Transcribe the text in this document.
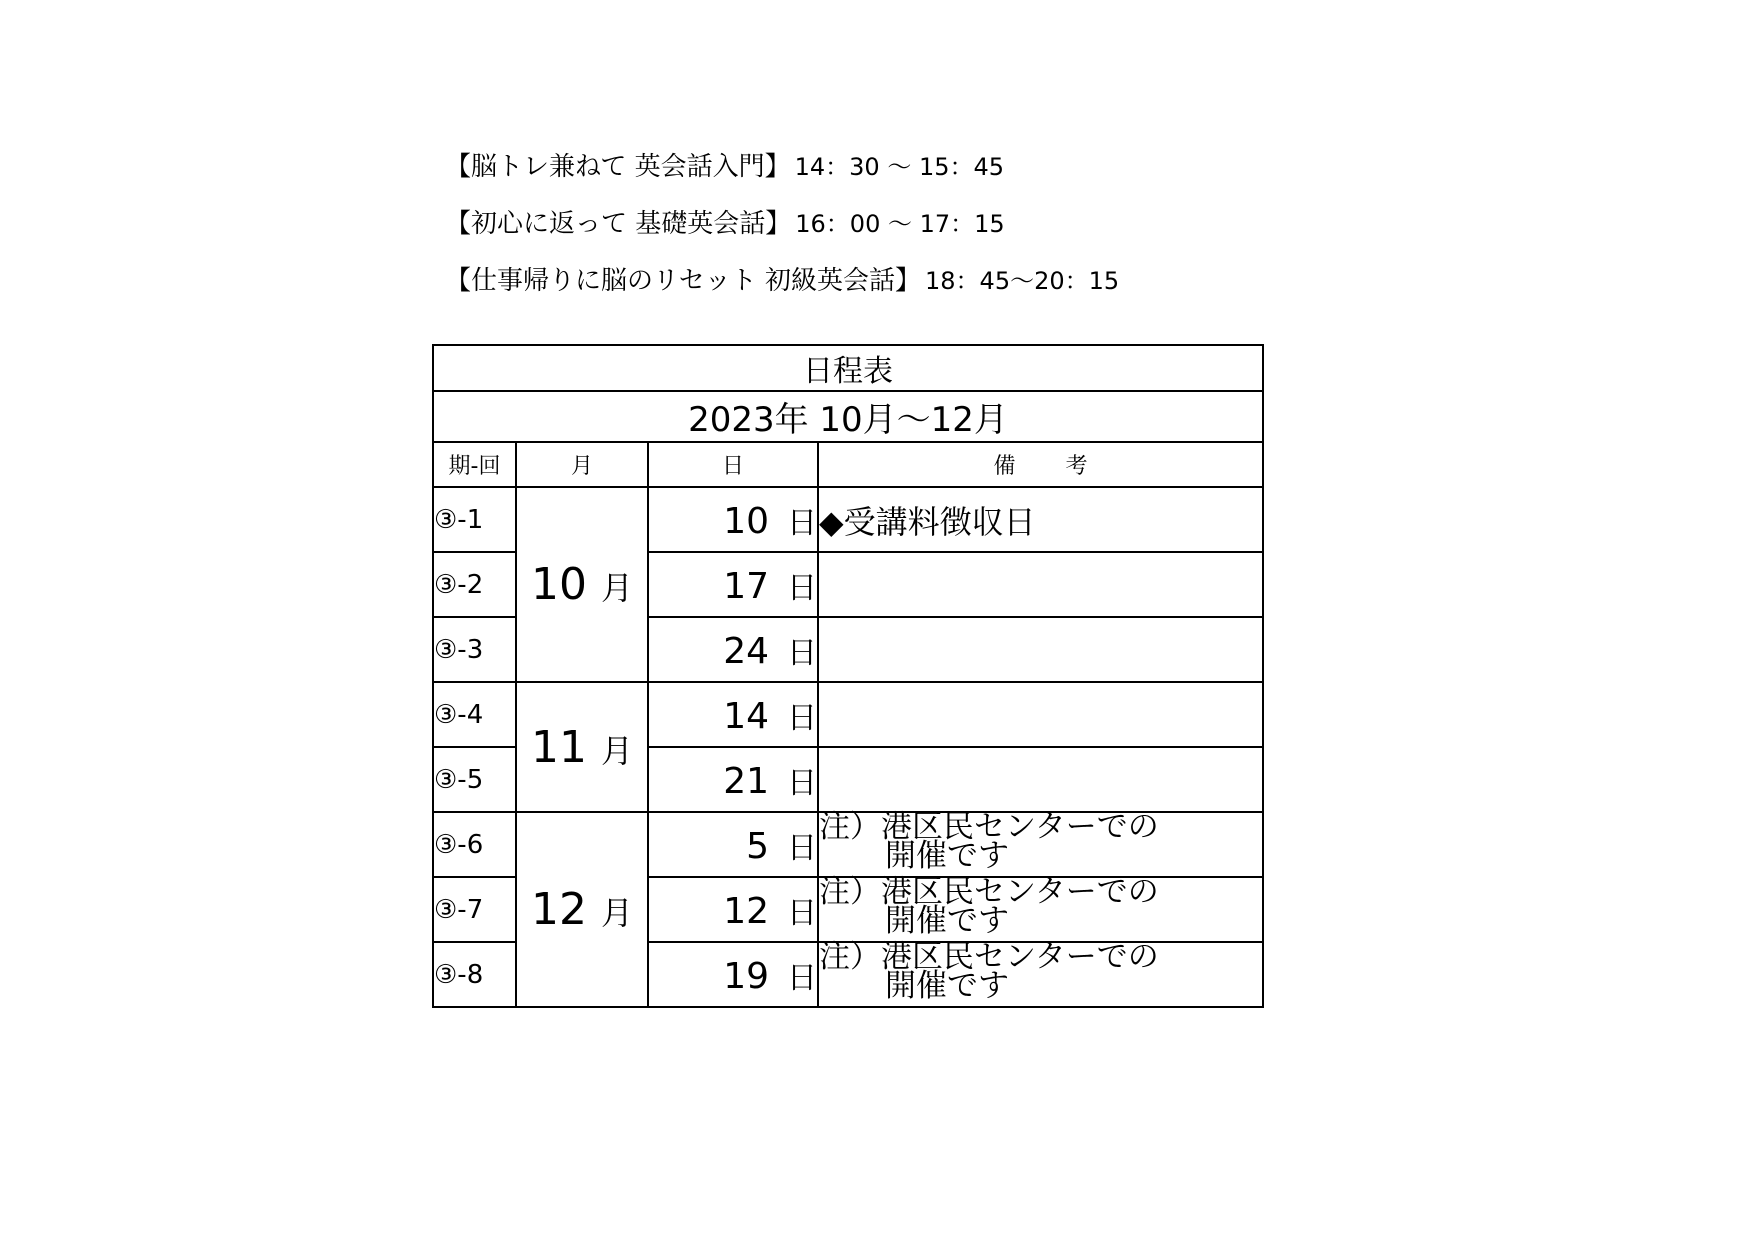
【脳トレ兼ねて 英会話入門】 14：30 ～ 15：45
【初心に返って 基礎英会話】 16：00 ～ 17：15
【仕事帰りに脳のリセット 初級英会話】 18：45～20：15
日程表			
2023年 10月～12月			
期-回	月	日	備 考
③-1	10 月	10 日	◆受講料徴収日
③-2		17 日	
③-3		24 日	
③-4	11 月	14 日	
③-5		21 日	
③-6	12 月	5 日	注）港区民センターでの
開催です

③-7		12 日	注）港区民センターでの
開催です

③-8		19 日	注）港区民センターでの
開催です
